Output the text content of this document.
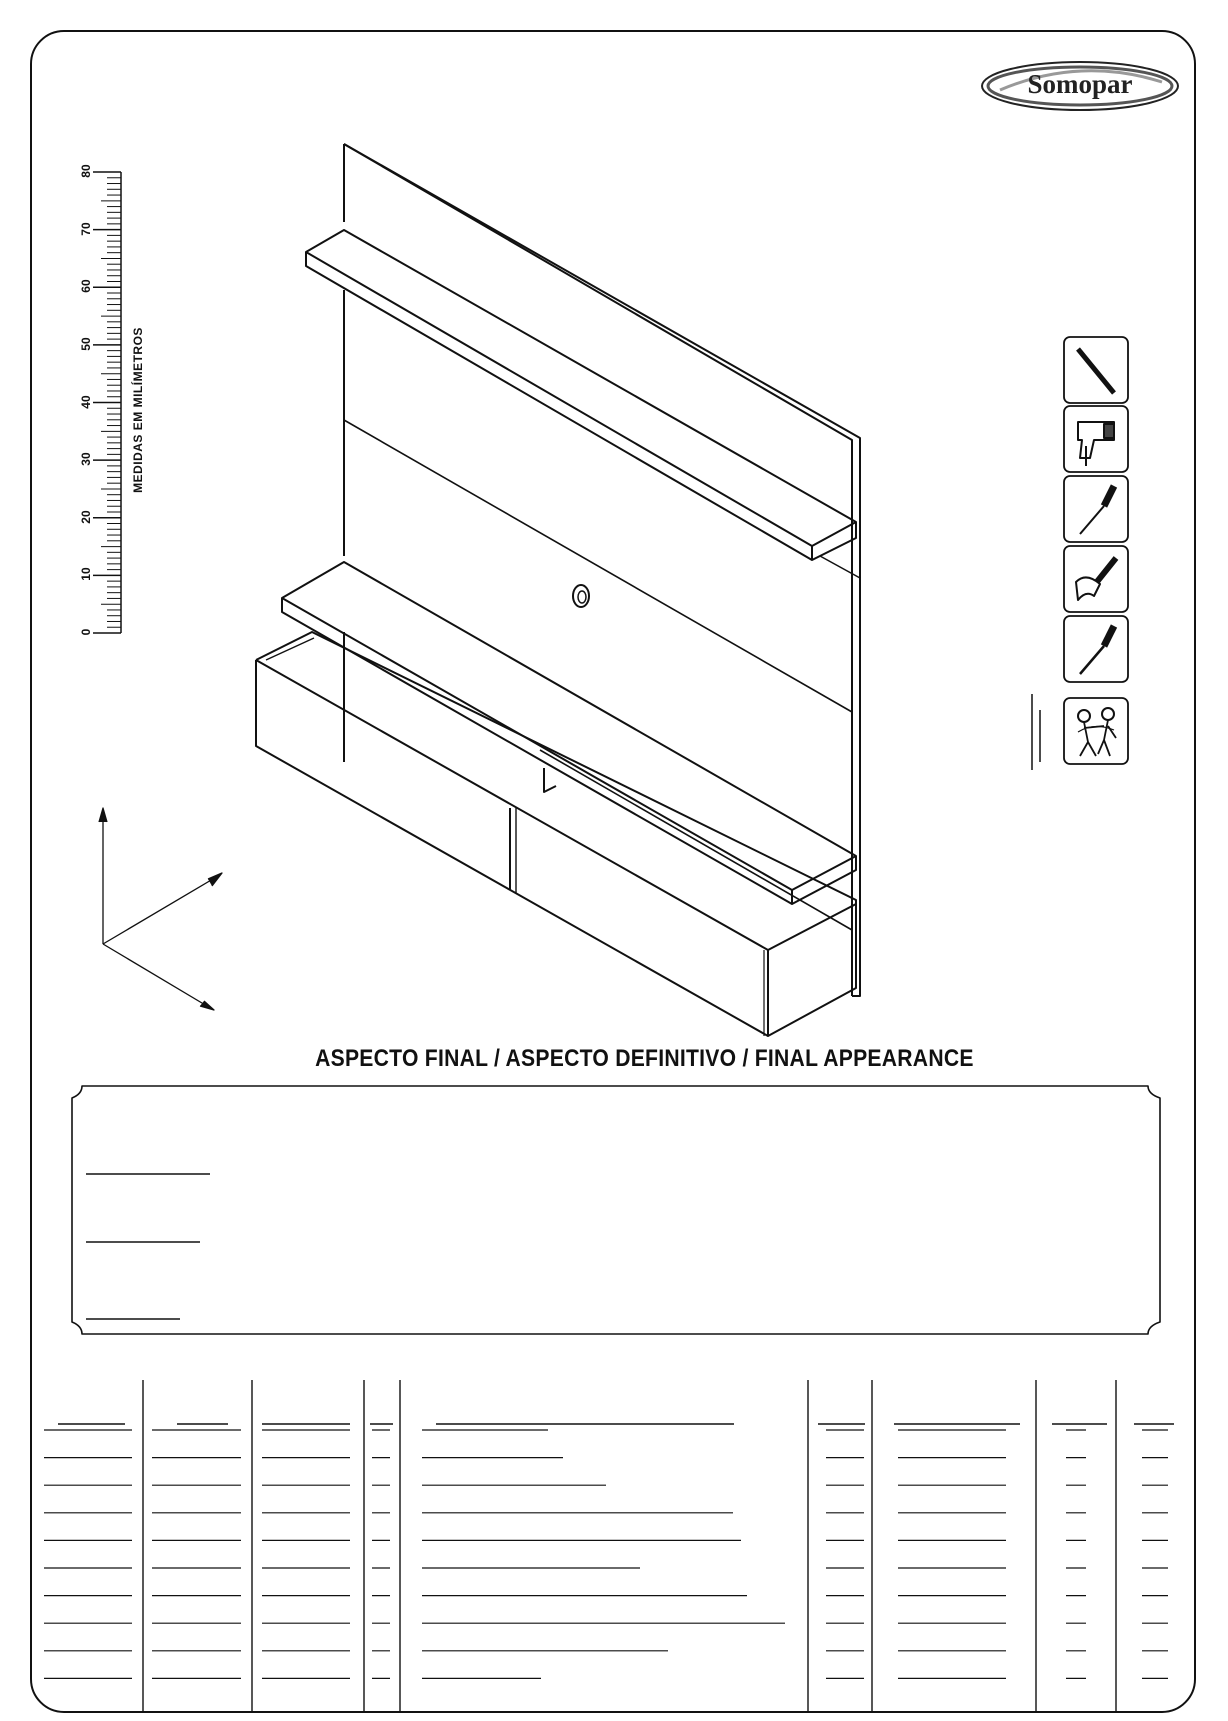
Somopar
MEDIDAS EM MILÍMETROS
0
10
20
30
40
50
60
70
80
ASPECTO FINAL / ASPECTO DEFINITIVO / FINAL APPEARANCE
